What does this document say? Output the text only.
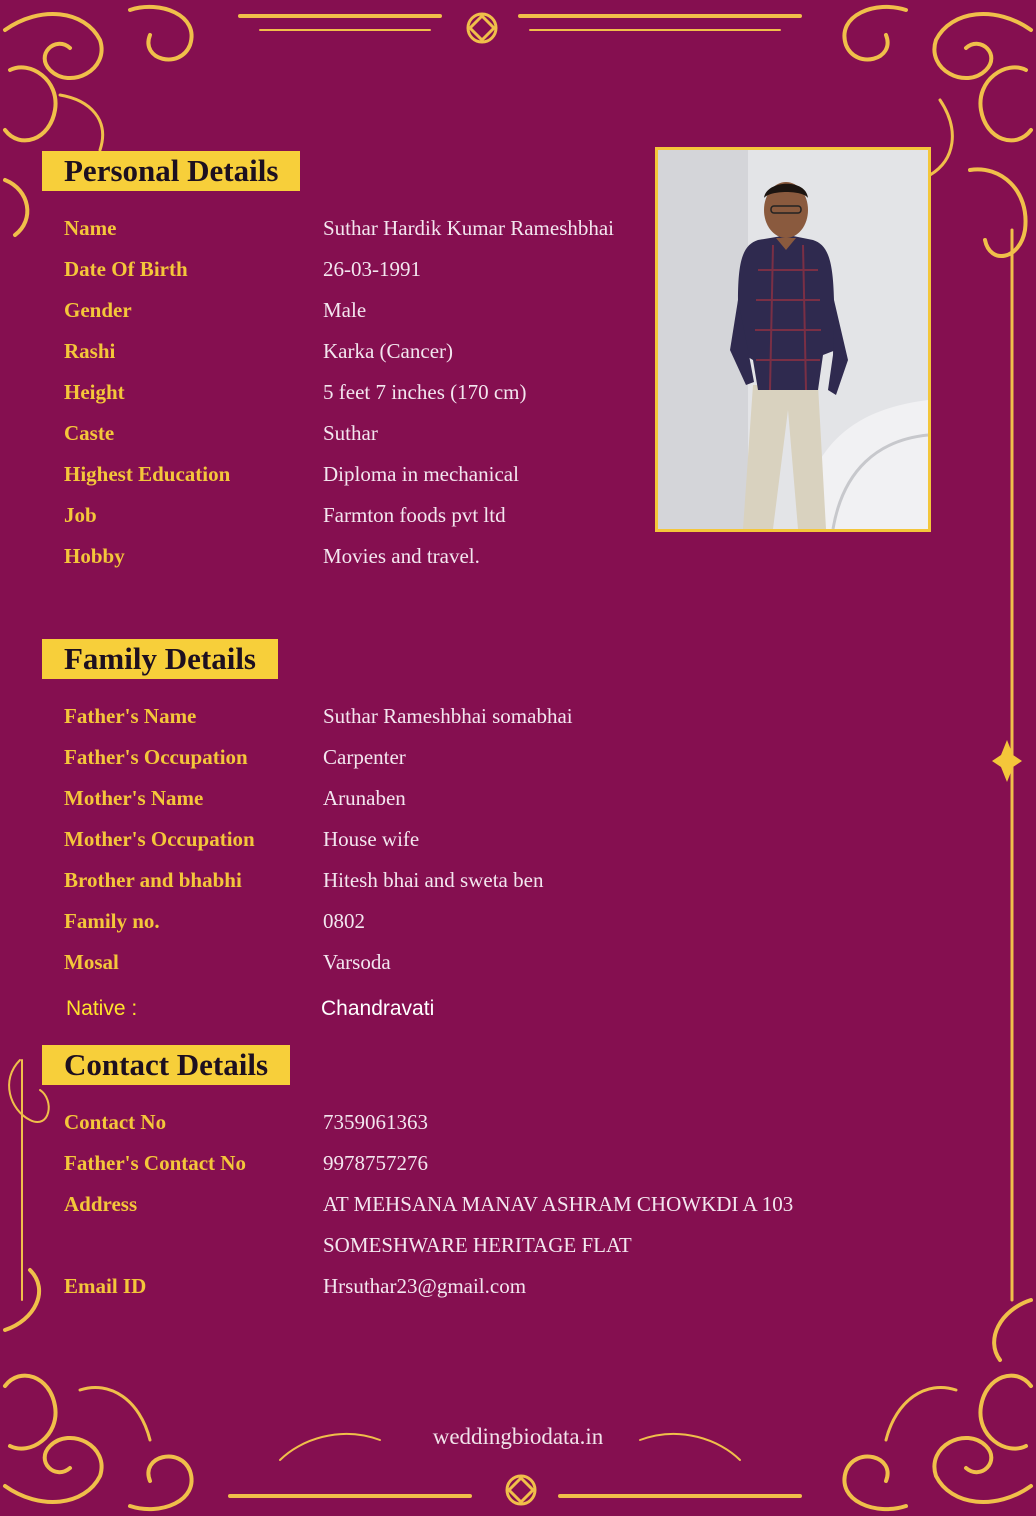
Personal Details
Name	Suthar Hardik Kumar Rameshbhai
Date Of Birth	26-03-1991
Gender	Male
Rashi	Karka (Cancer)
Height	5 feet 7 inches (170 cm)
Caste	Suthar
Highest Education	Diploma in mechanical
Job	Farmton foods pvt ltd
Hobby	Movies and travel.
Family Details
Father's Name	Suthar Rameshbhai somabhai
Father's Occupation	Carpenter
Mother's Name	Arunaben
Mother's Occupation	House wife
Brother and bhabhi	Hitesh bhai and sweta ben
Family no.	0802
Mosal	Varsoda
Native :	Chandravati
Contact Details
Contact No	7359061363
Father's Contact No	9978757276
Address	AT MEHSANA MANAV ASHRAM CHOWKDI A 103
SOMESHWARE HERITAGE FLAT
Email ID	Hrsuthar23@gmail.com
weddingbiodata.in
